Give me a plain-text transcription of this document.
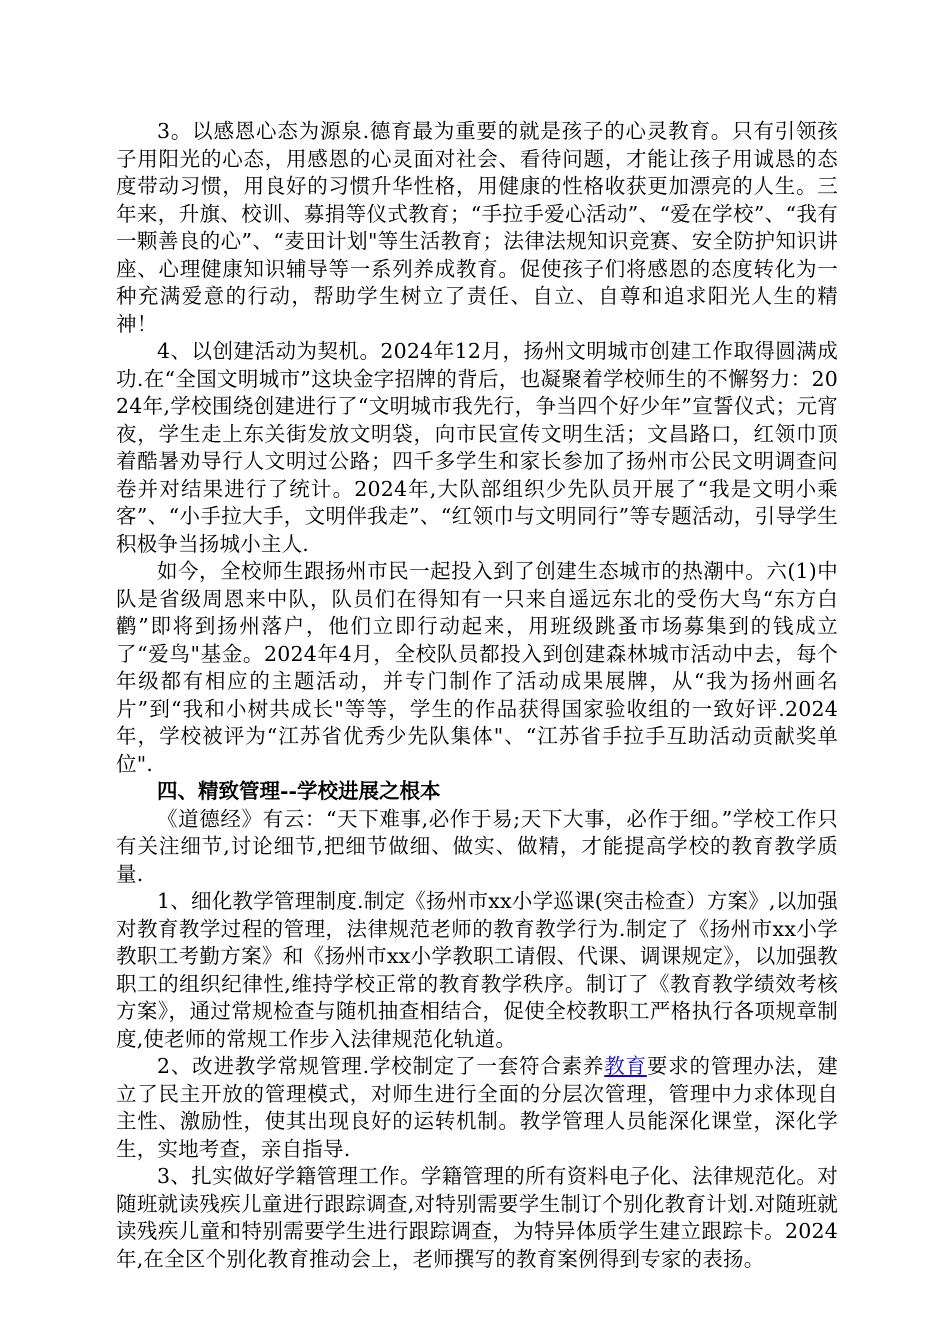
3。以感恩心态为源泉.德育最为重要的就是孩子的心灵教育。只有引领孩子用阳光的心态，用感恩的心灵面对社会、看待问题，才能让孩子用诚恳的态度带动习惯，用良好的习惯升华性格，用健康的性格收获更加漂亮的人生。三年来，升旗、校训、募捐等仪式教育；“手拉手爱心活动”、“爱在学校”、“我有一颗善良的心”、“麦田计划"等生活教育；法律法规知识竞赛、安全防护知识讲座、心理健康知识辅导等一系列养成教育。促使孩子们将感恩的态度转化为一种充满爱意的行动，帮助学生树立了责任、自立、自尊和追求阳光人生的精神！

4、以创建活动为契机。2024年12月，扬州文明城市创建工作取得圆满成功.在“全国文明城市”这块金字招牌的背后，也凝聚着学校师生的不懈努力：2024年,学校围绕创建进行了“文明城市我先行，争当四个好少年”宣誓仪式；元宵夜，学生走上东关街发放文明袋，向市民宣传文明生活；文昌路口，红领巾顶着酷暑劝导行人文明过公路；四千多学生和家长参加了扬州市公民文明调查问卷并对结果进行了统计。2024年,大队部组织少先队员开展了“我是文明小乘客”、“小手拉大手，文明伴我走”、“红领巾与文明同行”等专题活动，引导学生积极争当扬城小主人.

如今，全校师生跟扬州市民一起投入到了创建生态城市的热潮中。六(1)中队是省级周恩来中队，队员们在得知有一只来自遥远东北的受伤大鸟“东方白鹳”即将到扬州落户，他们立即行动起来，用班级跳蚤市场募集到的钱成立了“爱鸟"基金。2024年4月，全校队员都投入到创建森林城市活动中去，每个年级都有相应的主题活动，并专门制作了活动成果展牌，从“我为扬州画名片”到“我和小树共成长"等等，学生的作品获得国家验收组的一致好评.2024年，学校被评为“江苏省优秀少先队集体"、“江苏省手拉手互助活动贡献奖单位".

四、精致管理--学校进展之根本

《道德经》有云：“天下难事,必作于易;天下大事，必作于细。”学校工作只有关注细节,讨论细节,把细节做细、做实、做精，才能提高学校的教育教学质量.

1、细化教学管理制度.制定《扬州市xx小学巡课(突击检查）方案》,以加强对教育教学过程的管理，法律规范老师的教育教学行为.制定了《扬州市xx小学教职工考勤方案》和《扬州市xx小学教职工请假、代课、调课规定》，以加强教职工的组织纪律性,维持学校正常的教育教学秩序。制订了《教育教学绩效考核方案》，通过常规检查与随机抽查相结合，促使全校教职工严格执行各项规章制度,使老师的常规工作步入法律规范化轨道。

2、改进教学常规管理.学校制定了一套符合素养教育要求的管理办法，建立了民主开放的管理模式，对师生进行全面的分层次管理，管理中力求体现自主性、激励性，使其出现良好的运转机制。教学管理人员能深化课堂，深化学生，实地考查，亲自指导.

3、扎实做好学籍管理工作。学籍管理的所有资料电子化、法律规范化。对随班就读残疾儿童进行跟踪调查,对特别需要学生制订个别化教育计划.对随班就读残疾儿童和特别需要学生进行跟踪调查，为特异体质学生建立跟踪卡。2024年,在全区个别化教育推动会上，老师撰写的教育案例得到专家的表扬。
